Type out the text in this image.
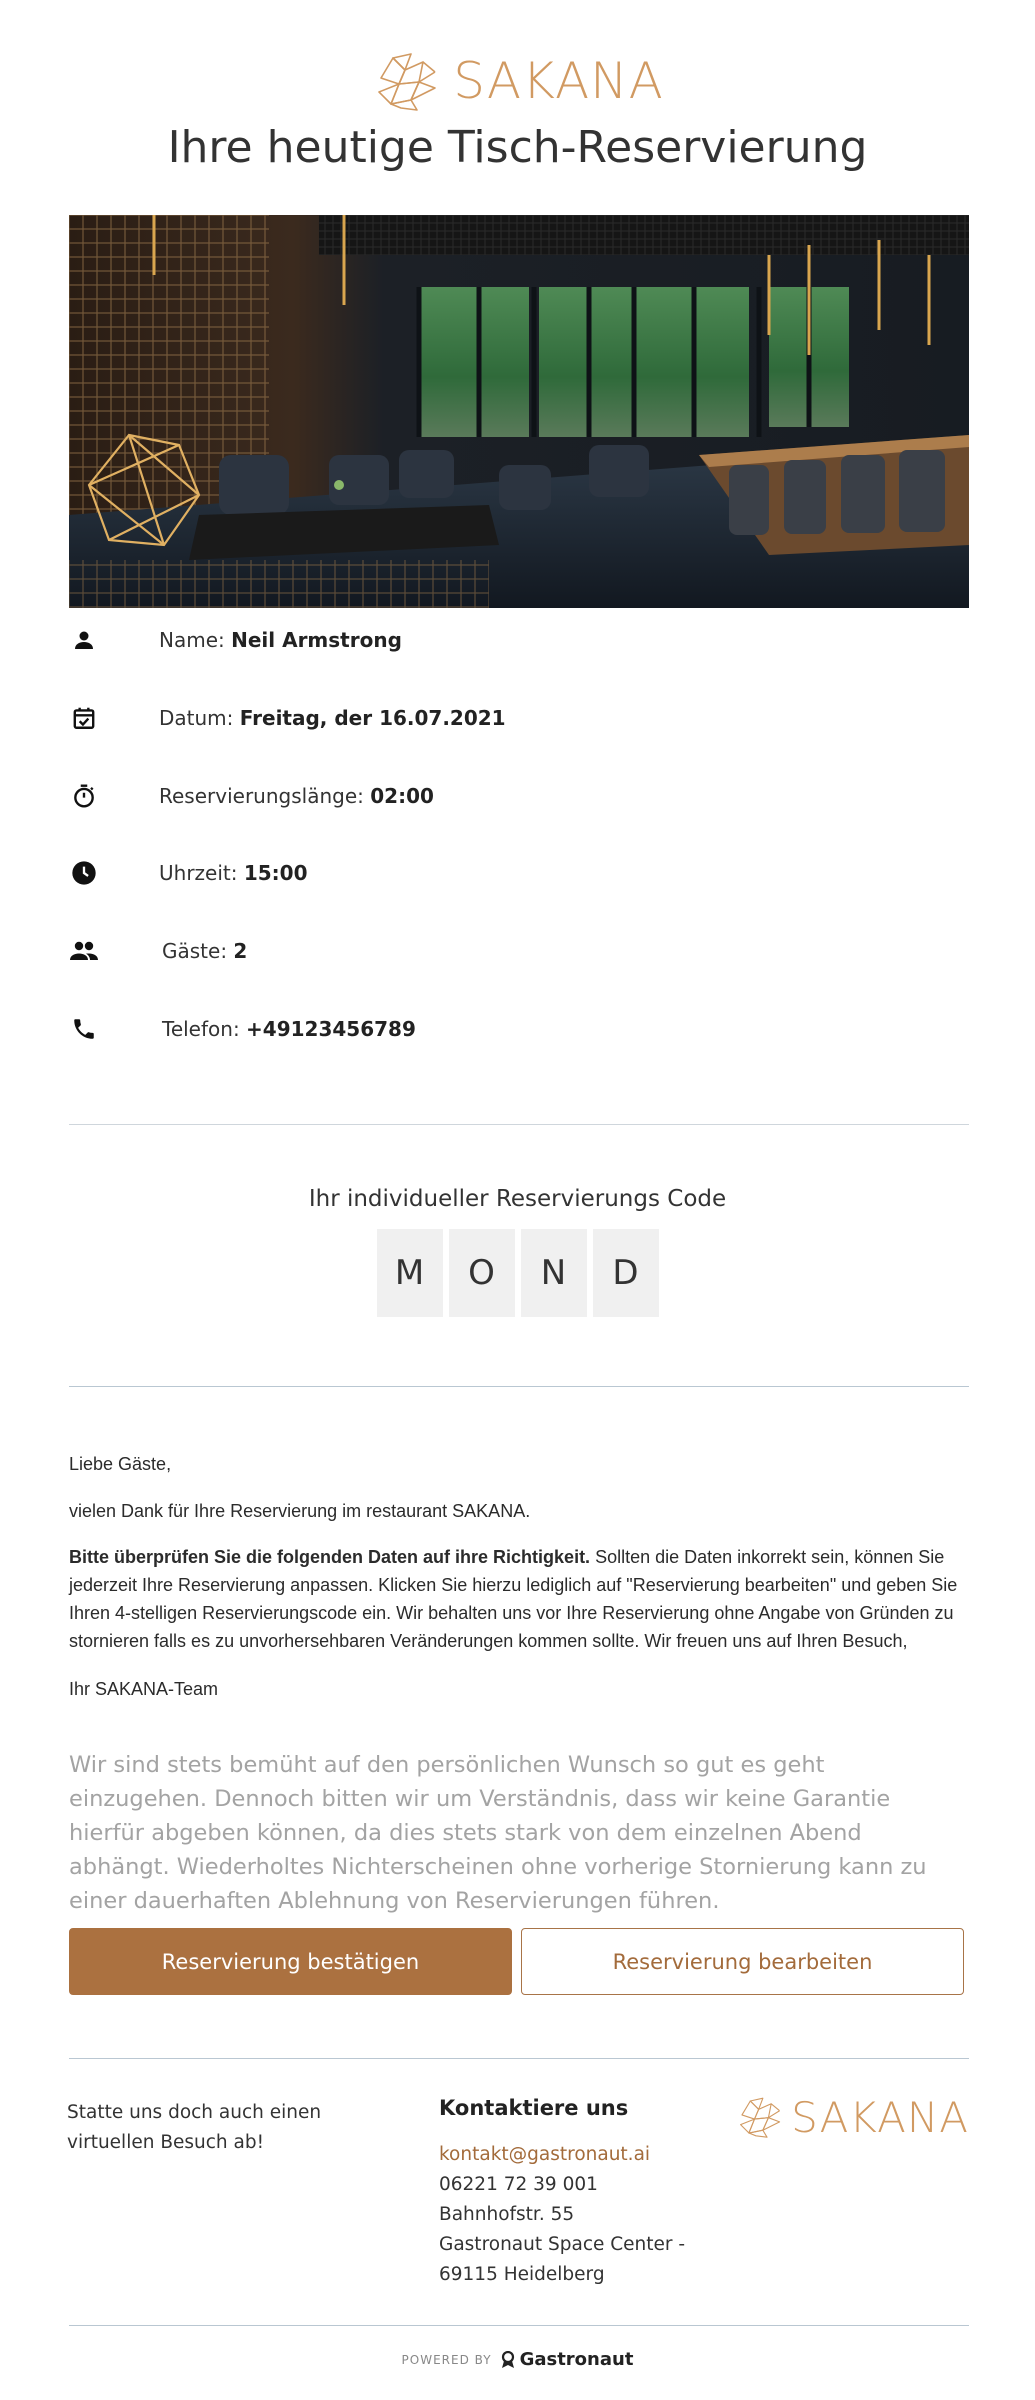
SAKANA
Ihre heutige Tisch-Reservierung
Name: Neil Armstrong
Datum: Freitag, der 16.07.2021
Reservierungslänge: 02:00
Uhrzeit: 15:00
Gäste: 2
Telefon: +49123456789
Ihr individueller Reservierungs Code
M	O	N	D

Liebe Gäste,

vielen Dank für Ihre Reservierung im restaurant SAKANA.

Bitte überprüfen Sie die folgenden Daten auf ihre Richtigkeit. Sollten die Daten inkorrekt sein, können Sie jederzeit Ihre Reservierung anpassen. Klicken Sie hierzu lediglich auf "Reservierung bearbeiten" und geben Sie Ihren 4-stelligen Reservierungscode ein. Wir behalten uns vor Ihre Reservierung ohne Angabe von Gründen zu stornieren falls es zu unvorhersehbaren Veränderungen kommen sollte. Wir freuen uns auf Ihren Besuch,

Ihr SAKANA-Team

Wir sind stets bemüht auf den persönlichen Wunsch so gut es geht einzugehen. Dennoch bitten wir um Verständnis, dass wir keine Garantie hierfür abgeben können, da dies stets stark von dem einzelnen Abend abhängt. Wiederholtes Nichterscheinen ohne vorherige Stornierung kann zu einer dauerhaften Ablehnung von Reservierungen führen.

Reservierung bestätigen	Reservierung bearbeiten
Statte uns doch auch einen virtuellen Besuch ab!
Kontaktiere uns
kontakt@gastronaut.ai
06221 72 39 001
Bahnhofstr. 55
Gastronaut Space Center -
69115 Heidelberg
SAKANA
POWERED BY Gastronaut
